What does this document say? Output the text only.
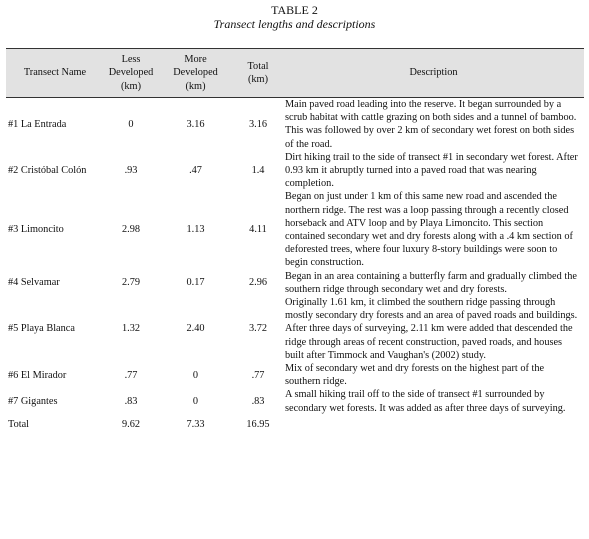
TABLE 2
Transect lengths and descriptions
Transect Name	Less
Developed
(km)	More
Developed
(km)	Total
(km)	Description
#1 La Entrada	0	3.16	3.16	Main paved road leading into the reserve. It began surrounded by a scrub habitat with cattle grazing on both sides and a tunnel of bamboo. This was followed by over 2 km of secondary wet forest on both sides of the road.
#2 Cristóbal Colón	.93	.47	1.4	Dirt hiking trail to the side of transect #1 in secondary wet forest. After 0.93 km it abruptly turned into a paved road that was nearing completion.
#3 Limoncito	2.98	1.13	4.11	Began on just under 1 km of this same new road and ascended the northern ridge. The rest was a loop passing through a recently closed horseback and ATV loop and by Playa Limoncito. This section contained secondary wet and dry forests along with a .4 km section of deforested trees, where four luxury 8-story buildings were soon to begin construction.
#4 Selvamar	2.79	0.17	2.96	Began in an area containing a butterfly farm and gradually climbed the southern ridge through secondary wet and dry forests.
#5 Playa Blanca	1.32	2.40	3.72	Originally 1.61 km, it climbed the southern ridge passing through mostly secondary dry forests and an area of paved roads and buildings. After three days of surveying, 2.11 km were added that descended the ridge through areas of recent construction, paved roads, and houses built after Timmock and Vaughan's (2002) study.
#6 El Mirador	.77	0	.77	Mix of secondary wet and dry forests on the highest part of the southern ridge.
#7 Gigantes	.83	0	.83	A small hiking trail off to the side of transect #1 surrounded by secondary wet forests. It was added as after three days of surveying.
Total	9.62	7.33	16.95	
